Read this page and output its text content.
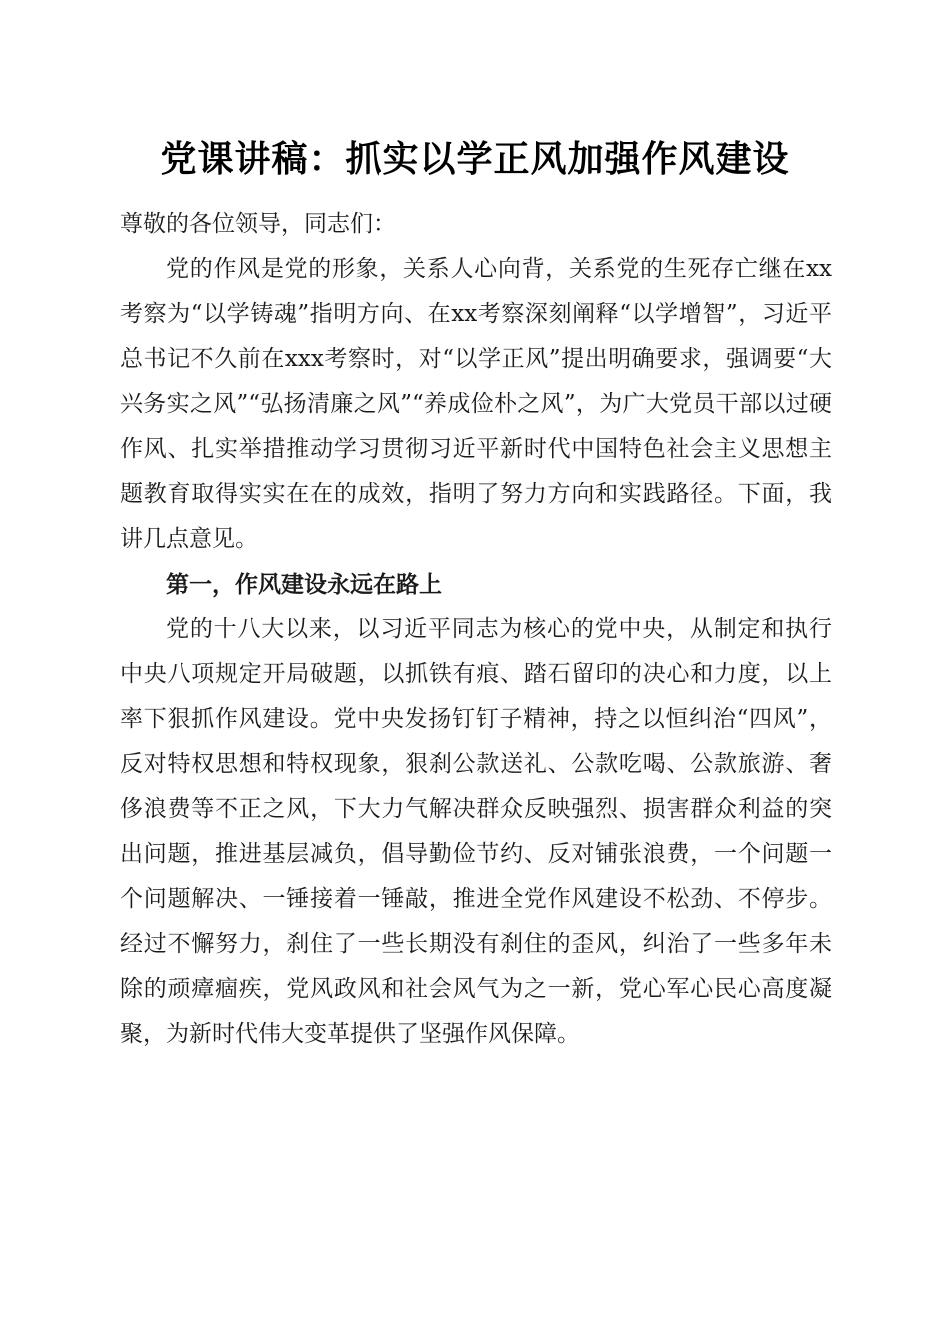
党课讲稿：抓实以学正风加强作风建设

尊敬的各位领导，同志们：

党的作风是党的形象，关系人心向背，关系党的生死存亡继在xx考察为“以学铸魂”指明方向、在xx考察深刻阐释“以学增智”，习近平总书记不久前在xxx考察时，对“以学正风”提出明确要求，强调要“大兴务实之风”“弘扬清廉之风”“养成俭朴之风”，为广大党员干部以过硬作风、扎实举措推动学习贯彻习近平新时代中国特色社会主义思想主题教育取得实实在在的成效，指明了努力方向和实践路径。下面，我讲几点意见。

第一，作风建设永远在路上

党的十八大以来，以习近平同志为核心的党中央，从制定和执行中央八项规定开局破题，以抓铁有痕、踏石留印的决心和力度，以上率下狠抓作风建设。党中央发扬钉钉子精神，持之以恒纠治“四风”，反对特权思想和特权现象，狠刹公款送礼、公款吃喝、公款旅游、奢侈浪费等不正之风，下大力气解决群众反映强烈、损害群众利益的突出问题，推进基层减负，倡导勤俭节约、反对铺张浪费，一个问题一个问题解决、一锤接着一锤敲，推进全党作风建设不松劲、不停步。经过不懈努力，刹住了一些长期没有刹住的歪风，纠治了一些多年未除的顽瘴痼疾，党风政风和社会风气为之一新，党心军心民心高度凝聚，为新时代伟大变革提供了坚强作风保障。
